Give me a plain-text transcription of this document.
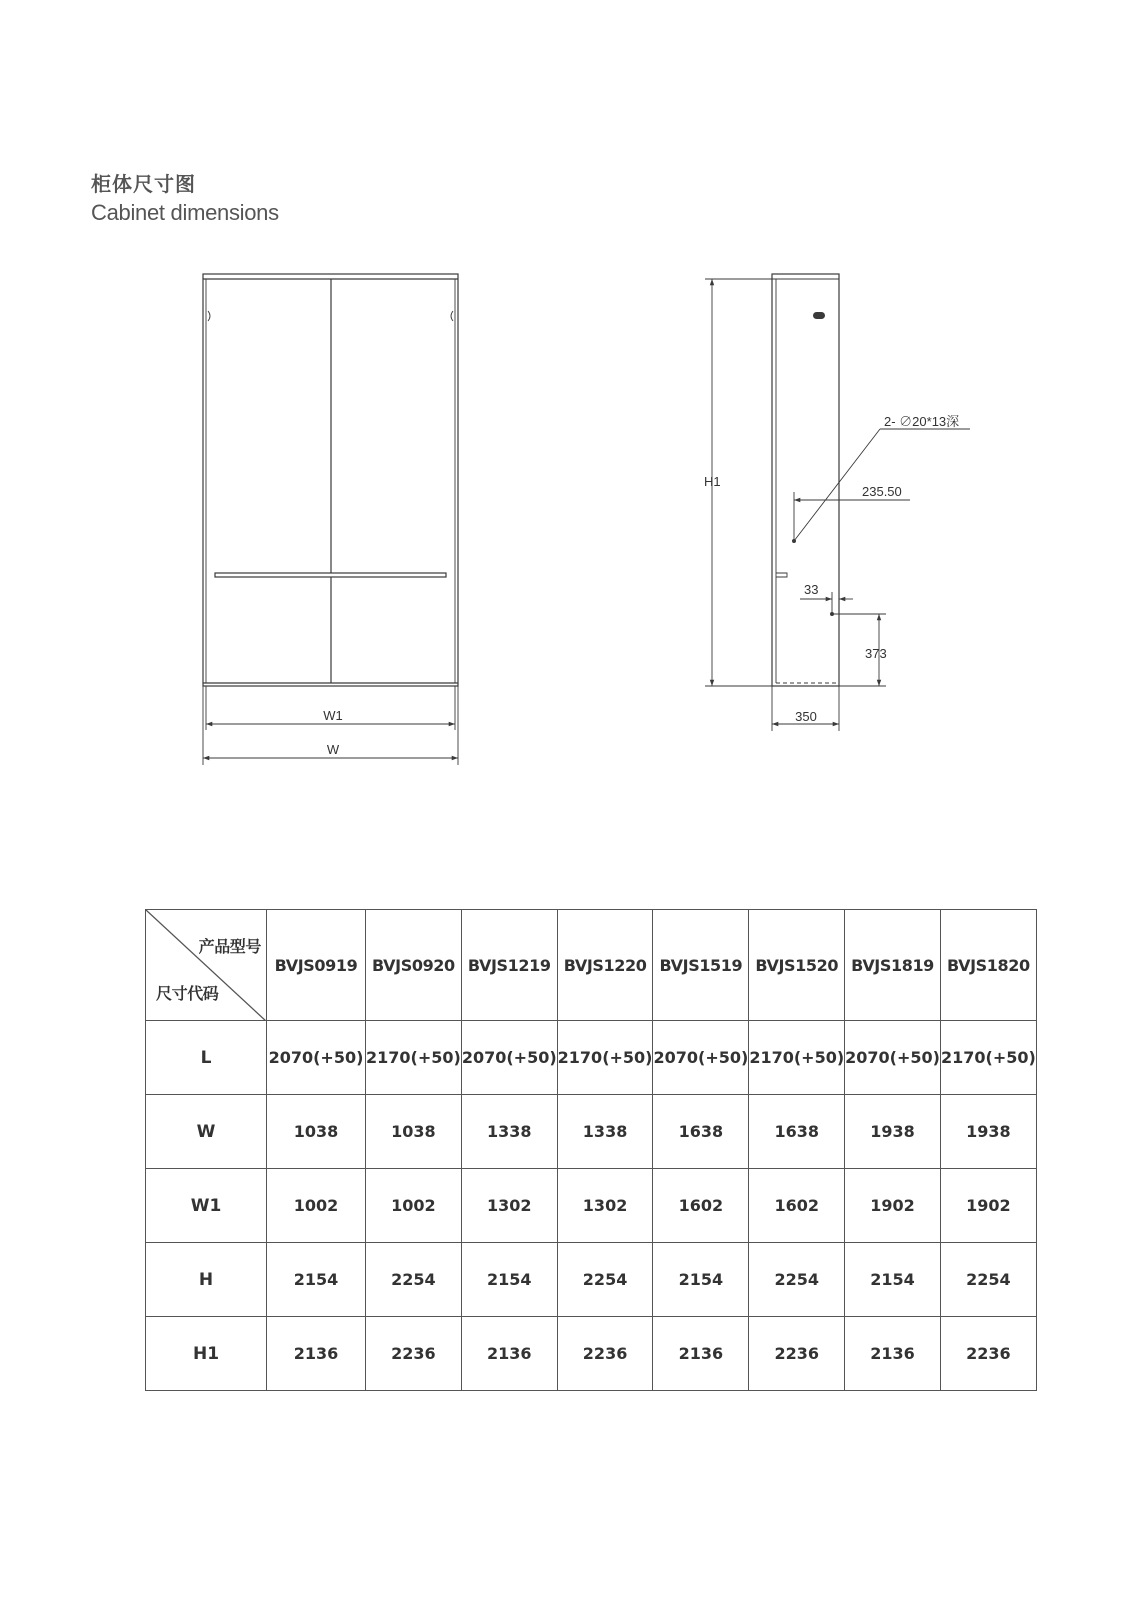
柜体尺寸图
Cabinet dimensions
W1
W
H1
2- ∅20*13深
235.50
33
373
350
产品型号
尺寸代码	BVJS0919	BVJS0920	BVJS1219	BVJS1220	BVJS1519	BVJS1520	BVJS1819	BVJS1820
L	2070(+50)	2170(+50)	2070(+50)	2170(+50)	2070(+50)	2170(+50)	2070(+50)	2170(+50)
W	1038	1038	1338	1338	1638	1638	1938	1938
W1	1002	1002	1302	1302	1602	1602	1902	1902
H	2154	2254	2154	2254	2154	2254	2154	2254
H1	2136	2236	2136	2236	2136	2236	2136	2236
